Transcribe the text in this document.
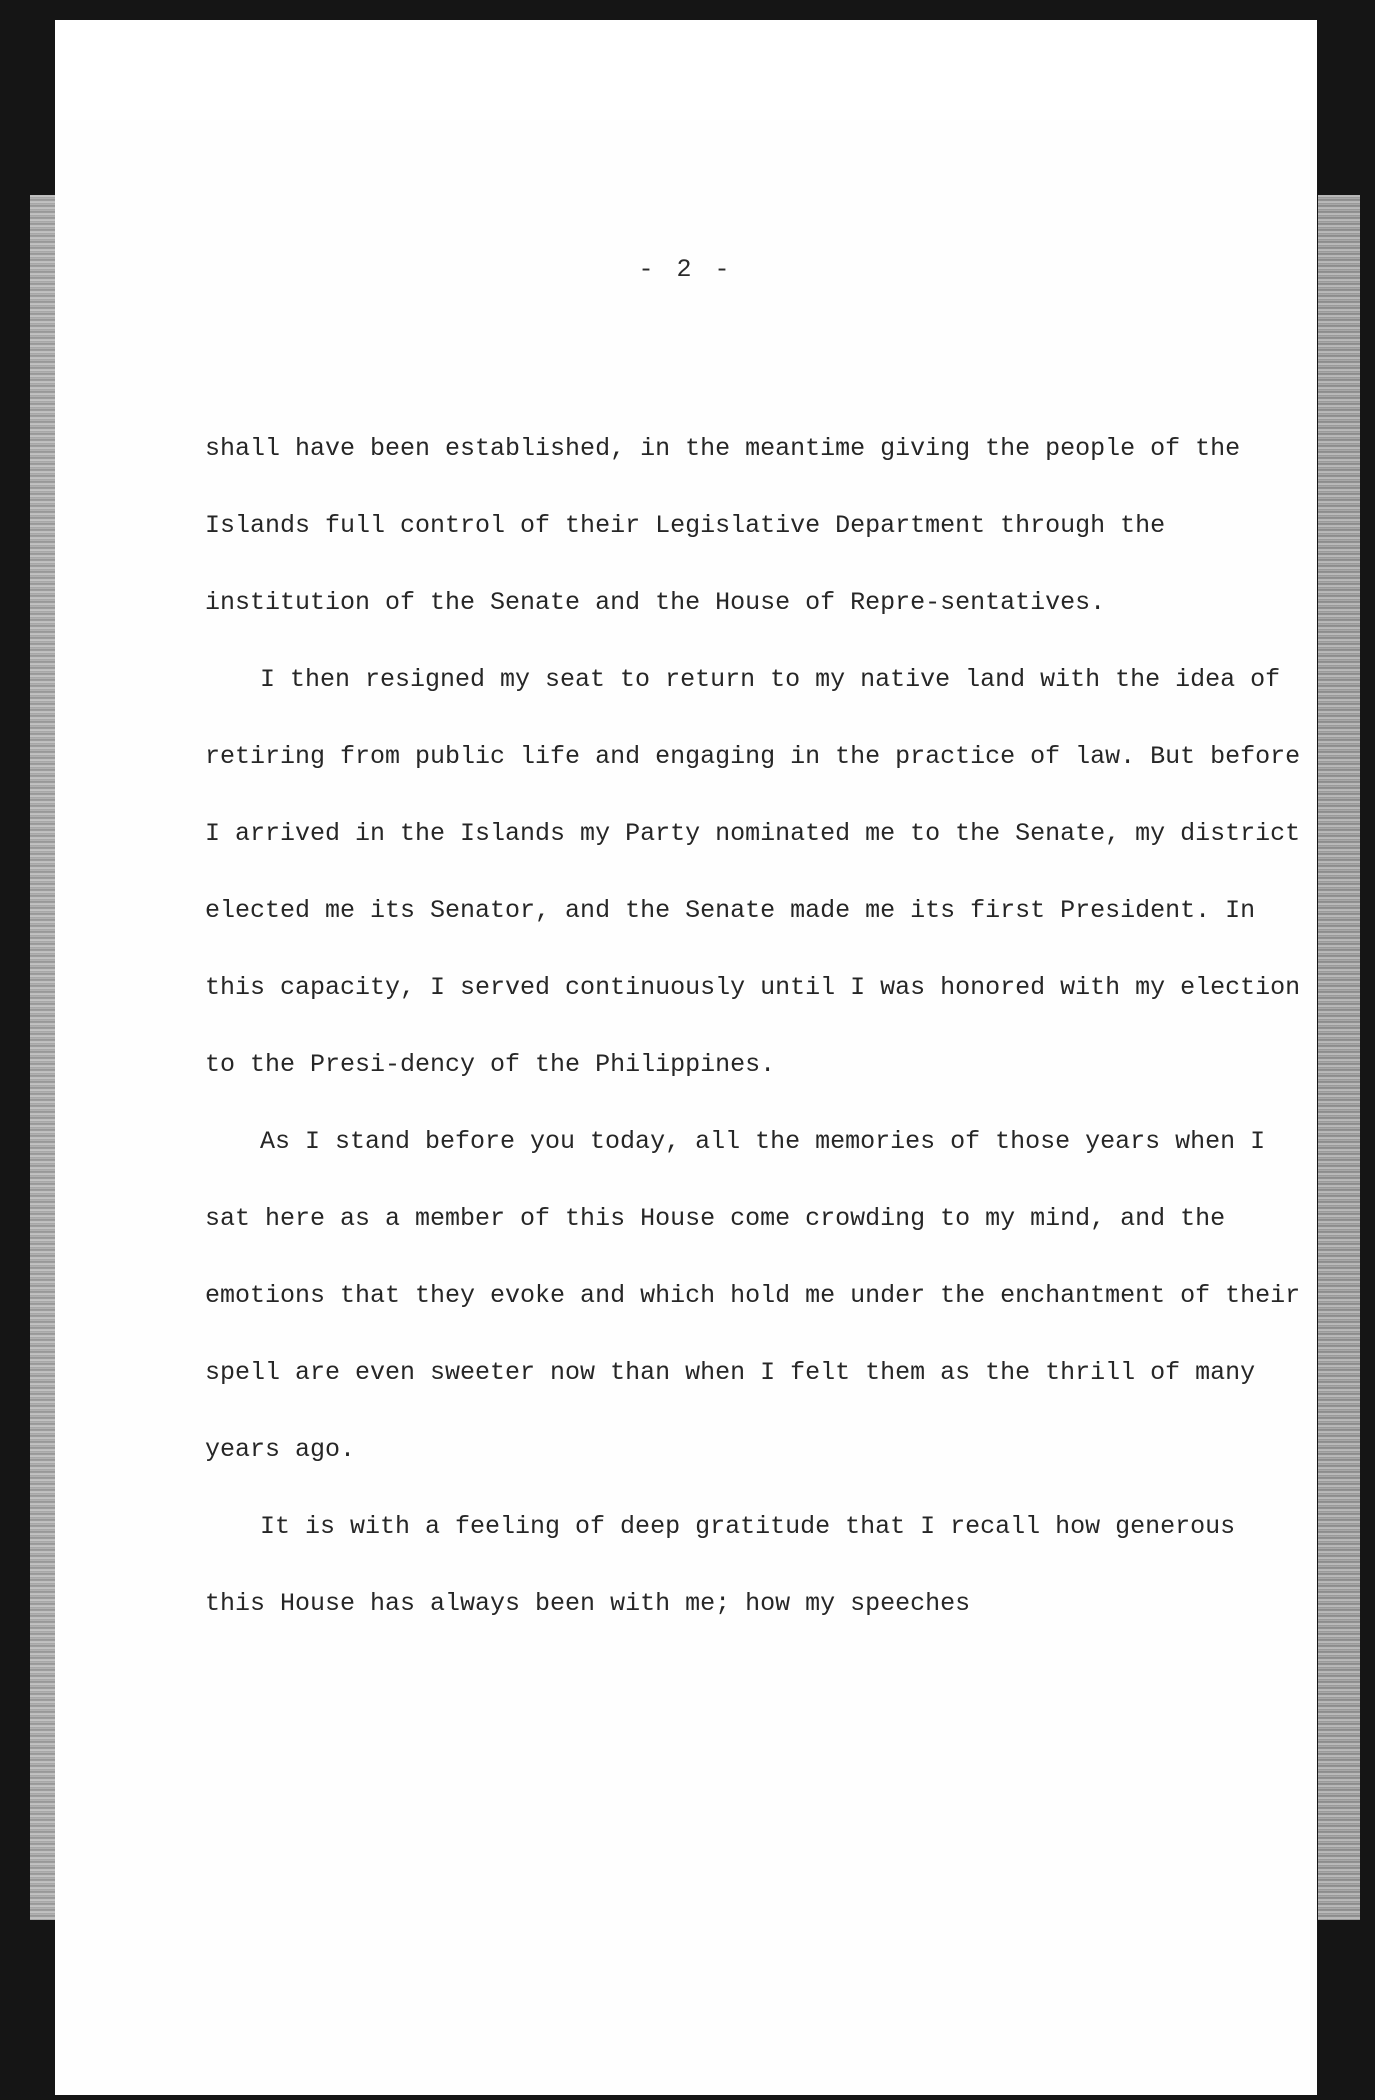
- 2 -

shall have been established, in the meantime giving the people of the Islands full control of their Legislative Department through the institution of the Senate and the House of Repre-sentatives.

I then resigned my seat to return to my native land with the idea of retiring from public life and engaging in the practice of law. But before I arrived in the Islands my Party nominated me to the Senate, my district elected me its Senator, and the Senate made me its first President. In this capacity, I served continuously until I was honored with my election to the Presi-dency of the Philippines.

As I stand before you today, all the memories of those years when I sat here as a member of this House come crowding to my mind, and the emotions that they evoke and which hold me under the enchantment of their spell are even sweeter now than when I felt them as the thrill of many years ago.

It is with a feeling of deep gratitude that I recall how generous this House has always been with me; how my speeches
